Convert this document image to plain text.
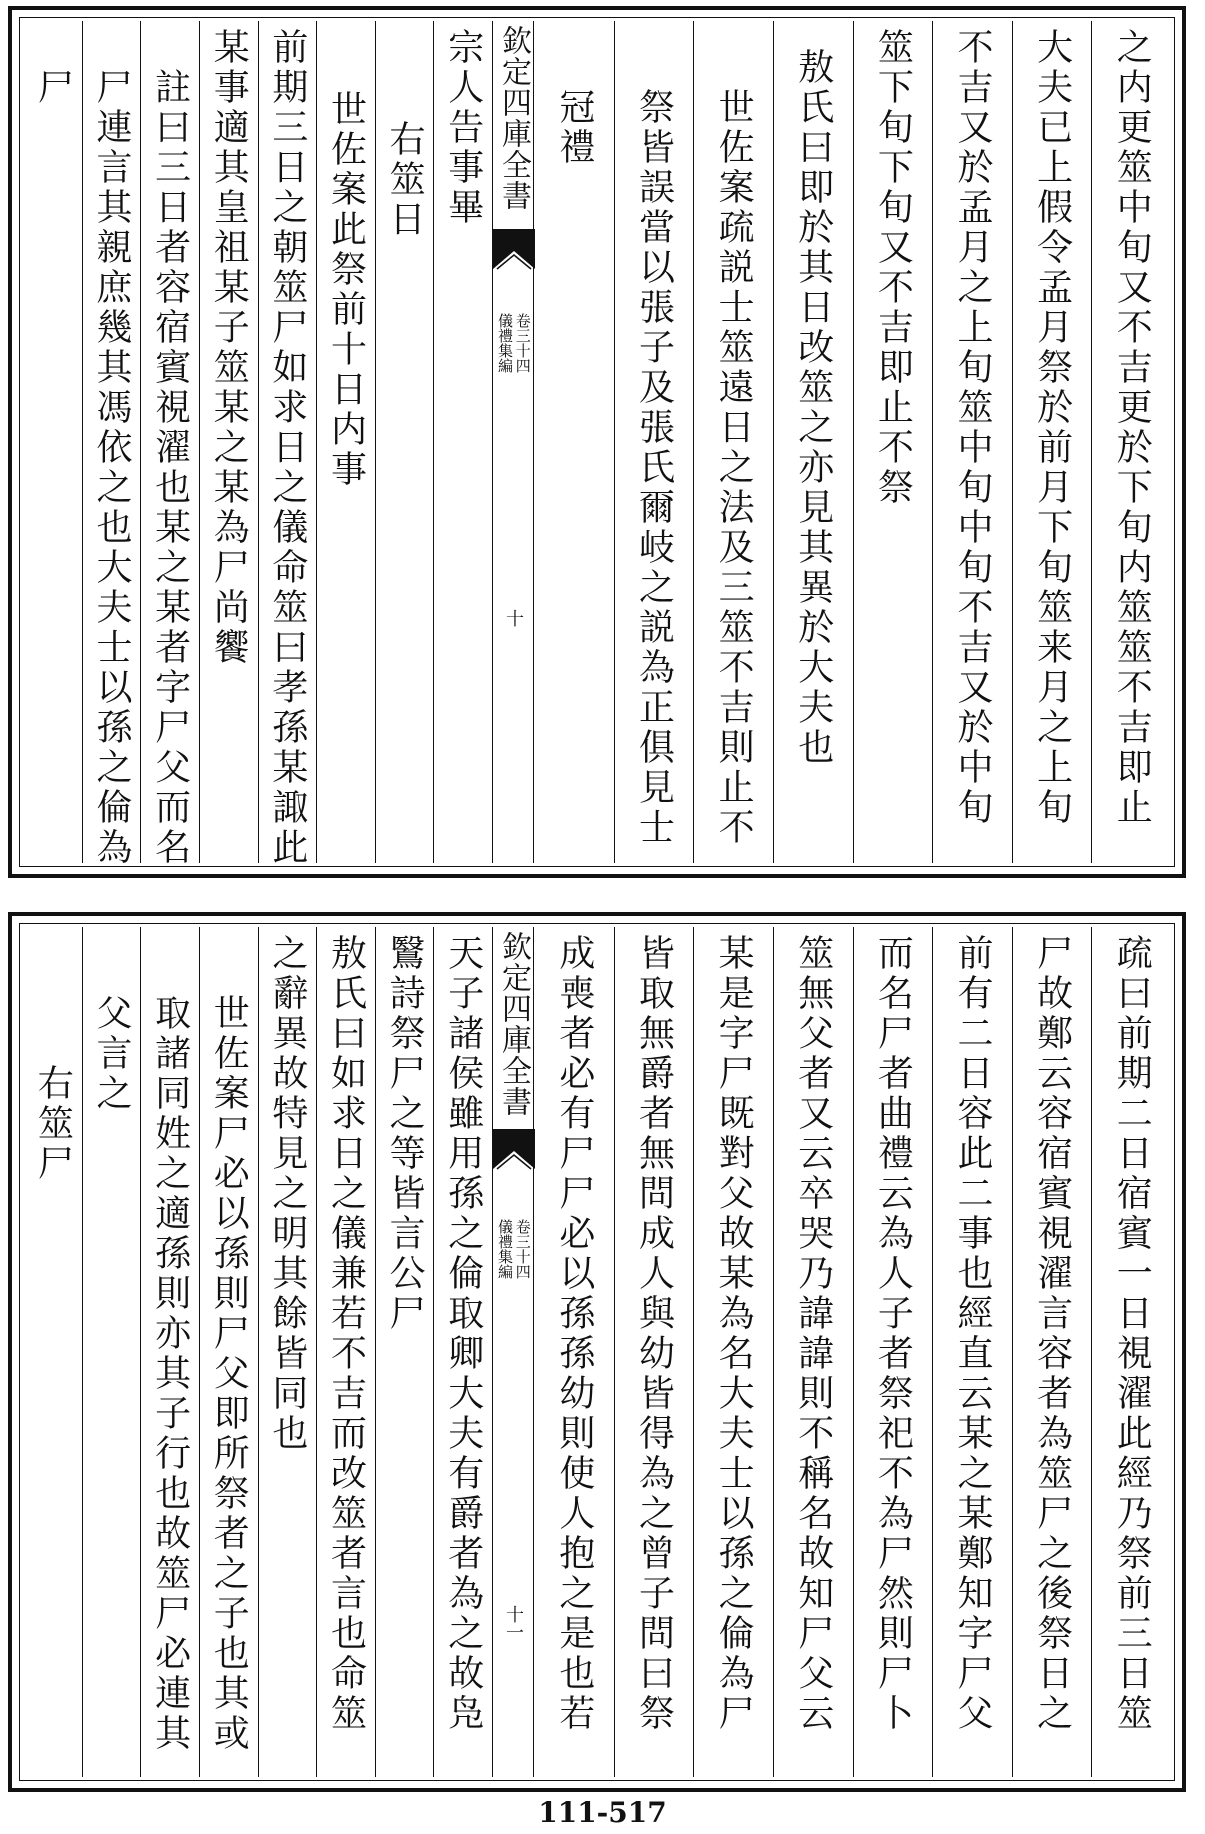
欽定四庫全書
儀禮集編 卷三十四
十	之内更筮中旬又不吉更於下旬内筮筮不吉即止
大夫已上假令孟月祭於前月下旬筮来月之上旬
不吉又於孟月之上旬筮中旬中旬不吉又於中旬
筮下旬下旬又不吉即止不祭
敖氏曰即於其日改筮之亦見其異於大夫也
世佐案疏説士筮遠日之法及三筮不吉則止不
祭皆誤當以張子及張氏爾岐之説為正俱見士
冠禮
宗人告事畢
右筮日
世佐案此祭前十日内事
前期三日之朝筮尸如求日之儀命筮曰孝孫某諏此
某事適其皇祖某子筮某之某為尸尚饗
註曰三日者容宿賓視濯也某之某者字尸父而名
尸連言其親庶幾其馮依之也大夫士以孫之倫為
尸
欽定四庫全書
儀禮集編 卷三十四
十一	疏曰前期二日宿賓一日視濯此經乃祭前三日筮
尸故鄭云容宿賓視濯言容者為筮尸之後祭日之
前有二日容此二事也經直云某之某鄭知字尸父
而名尸者曲禮云為人子者祭祀不為尸然則尸卜
筮無父者又云卒哭乃諱諱則不稱名故知尸父云
某是字尸既對父故某為名大夫士以孫之倫為尸
皆取無爵者無問成人與幼皆得為之曾子問曰祭
成喪者必有尸尸必以孫孫幼則使人抱之是也若
天子諸侯雖用孫之倫取卿大夫有爵者為之故凫
鷖詩祭尸之等皆言公尸
敖氏曰如求日之儀兼若不吉而改筮者言也命筮
之辭異故特見之明其餘皆同也
世佐案尸必以孫則尸父即所祭者之子也其或
取諸同姓之適孫則亦其子行也故筮尸必連其
父言之
右筮尸
111-517
